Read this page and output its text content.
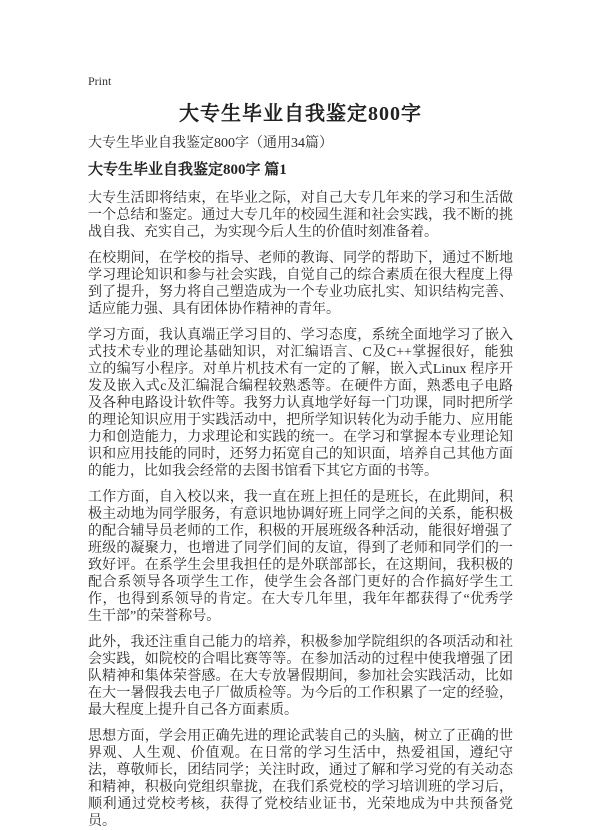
Print
大专生毕业自我鉴定800字

大专生毕业自我鉴定800字（通用34篇）

大专生毕业自我鉴定800字 篇1

大专生活即将结束，在毕业之际，对自己大专几年来的学习和生活做一个总结和鉴定。通过大专几年的校园生涯和社会实践，我不断的挑战自我、充实自己，为实现今后人生的价值时刻准备着。

在校期间，在学校的指导、老师的教诲、同学的帮助下，通过不断地学习理论知识和参与社会实践，自觉自己的综合素质在很大程度上得到了提升，努力将自己塑造成为一个专业功底扎实、知识结构完善、适应能力强、具有团体协作精神的青年。

学习方面，我认真端正学习目的、学习态度，系统全面地学习了嵌入式技术专业的理论基础知识，对汇编语言、C及C++掌握很好，能独立的编写小程序。对单片机技术有一定的了解，嵌入式Linux 程序开发及嵌入式c及汇编混合编程较熟悉等。在硬件方面，熟悉电子电路及各种电路设计软件等。我努力认真地学好每一门功课，同时把所学的理论知识应用于实践活动中，把所学知识转化为动手能力、应用能力和创造能力，力求理论和实践的统一。在学习和掌握本专业理论知识和应用技能的同时，还努力拓宽自己的知识面，培养自己其他方面的能力，比如我会经常的去图书馆看下其它方面的书等。

工作方面，自入校以来，我一直在班上担任的是班长，在此期间，积极主动地为同学服务，有意识地协调好班上同学之间的关系，能积极的配合辅导员老师的工作，积极的开展班级各种活动，能很好增强了班级的凝聚力，也增进了同学们间的友谊，得到了老师和同学们的一致好评。在系学生会里我担任的是外联部部长，在这期间，我积极的配合系领导各项学生工作，使学生会各部门更好的合作搞好学生工作，也得到系领导的肯定。在大专几年里，我年年都获得了“优秀学生干部”的荣誉称号。

此外，我还注重自己能力的培养，积极参加学院组织的各项活动和社会实践，如院校的合唱比赛等等。在参加活动的过程中使我增强了团队精神和集体荣誉感。在大专放暑假期间，参加社会实践活动，比如在大一暑假我去电子厂做质检等。为今后的工作积累了一定的经验，最大程度上提升自己各方面素质。

思想方面，学会用正确先进的理论武装自己的头脑，树立了正确的世界观、人生观、价值观。在日常的学习生活中，热爱祖国，遵纪守法，尊敬师长，团结同学；关注时政，通过了解和学习党的有关动态和精神，积极向党组织靠拢，在我们系党校的学习培训班的学习后，顺利通过党校考核，获得了党校结业证书，光荣地成为中共预备党员。
